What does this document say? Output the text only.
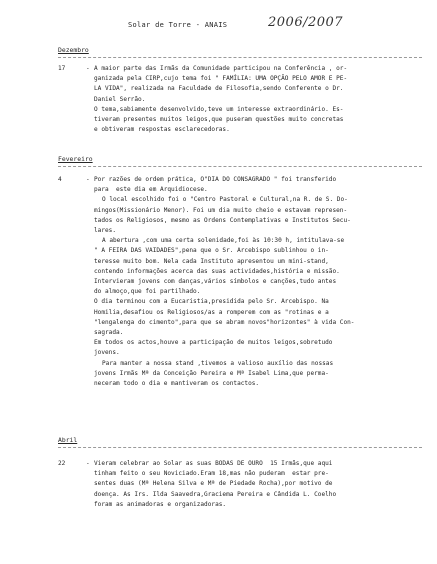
Solar de Torre - ANAIS	2006/2007
Dezembro
17	- A maior parte das Irmãs da Comunidade participou na Conferência , or-

ganizada pela CIRP,cujo tema foi " FAMÍLIA: UMA OPÇÃO PELO AMOR E PE-

LA VIDA", realizada na Faculdade de Filosofia,sendo Conferente o Dr.

Daniel Serrão.

O tema,sabiamente desenvolvido,teve um interesse extraordinário. Es-

tiveram presentes muitos leigos,que puseram questões muito concretas

e obtiveram respostas esclarecedoras.

Fevereiro
4	- Por razões de ordem prática, O"DIA DO CONSAGRADO " foi transferido

para  este dia em Arquidiocese.

O local escolhido foi o "Centro Pastoral e Cultural,na R. de S. Do-

mingos(Missionário Menor). Foi um dia muito cheio e estavam represen-

tados os Religiosos, mesmo as Ordens Contemplativas e Institutos Secu-

lares.

A abertura ,com uma certa solenidade,foi às 10:30 h, intitulava-se

" A FEIRA DAS VAIDADES",pena que o Sr. Arcebispo sublinhou o in-

teresse muito bom. Nela cada Instituto apresentou um mini-stand,

contendo informações acerca das suas actividades,história e missão.

Intervieram jovens com danças,vários símbolos e canções,tudo antes

do almoço,que foi partilhado.

O dia terminou com a Eucaristia,presidida pelo Sr. Arcebispo. Na

Homilia,desafiou os Religiosos/as a romperem com as "rotinas e a

"lengalenga do cimento",para que se abram novos"horizontes" à vida Con-

sagrada.

Em todos os actos,houve a participação de muitos leigos,sobretudo

jovens.

Para manter a nossa stand ,tivemos a valioso auxílio das nossas

jovens Irmãs Mª da Conceição Pereira e Mª Isabel Lima,que perma-

neceram todo o dia e mantiveram os contactos.

Abril
22	- Vieram celebrar ao Solar as suas BODAS DE OURO  15 Irmãs,que aqui

tinham feito o seu Noviciado.Eram 18,mas não puderam  estar pre-

sentes duas (Mª Helena Silva e Mª de Piedade Rocha),por motivo de

doença. As Irs. Ilda Saavedra,Graciema Pereira e Cândida L. Coelho

foram as animadoras e organizadoras.
